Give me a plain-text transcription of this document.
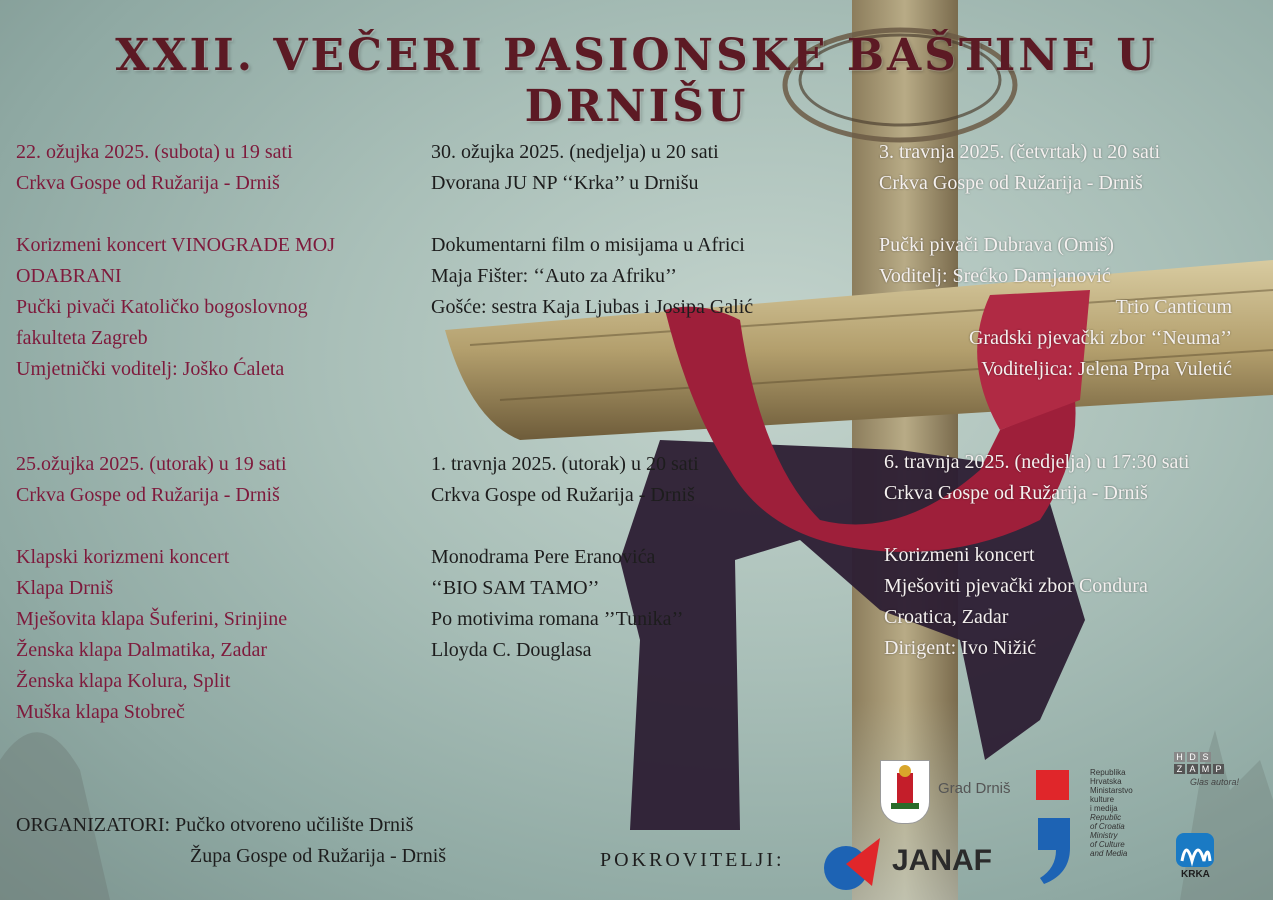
XXII. VEČERI PASIONSKE BAŠTINE U DRNIŠU

22. ožujka 2025. (subota) u 19 sati

Crkva Gospe od Ružarija - Drniš

Korizmeni koncert VINOGRADE MOJ

ODABRANI

Pučki pivači Katoličko bogoslovnog

fakulteta Zagreb

Umjetnički voditelj: Joško Ćaleta

30. ožujka 2025. (nedjelja) u 20 sati

Dvorana JU NP ‘‘Krka’’ u Drnišu

Dokumentarni film o misijama u Africi

Maja Fišter: ‘‘Auto za Afriku’’

Gošće: sestra Kaja Ljubas i Josipa Galić

3. travnja 2025. (četvrtak) u 20 sati

Crkva Gospe od Ružarija - Drniš

Pučki pivači Dubrava (Omiš)

Voditelj: Srećko Damjanović

Trio Canticum

Gradski pjevački zbor ‘‘Neuma’’

Voditeljica: Jelena Prpa Vuletić

25.ožujka 2025. (utorak) u 19 sati

Crkva Gospe od Ružarija - Drniš

Klapski korizmeni koncert

Klapa Drniš

Mješovita klapa Šuferini, Srinjine

Ženska klapa Dalmatika, Zadar

Ženska klapa Kolura, Split

Muška klapa Stobreč

1. travnja 2025. (utorak) u 20 sati

Crkva Gospe od Ružarija - Drniš

Monodrama Pere Eranovića

‘‘BIO SAM TAMO’’

Po motivima romana ’’Tunika’’

Lloyda C. Douglasa

6. travnja 2025. (nedjelja) u 17:30 sati

Crkva Gospe od Ružarija - Drniš

Korizmeni koncert

Mješoviti pjevački zbor Condura

Croatica, Zadar

Dirigent: Ivo Nižić

ORGANIZATORI: Pučko otvoreno učilište Drniš
Župa Gospe od Ružarija - Drniš	POKROVITELJI:
Grad Drniš
Republika
Hrvatska
Ministarstvo
kulture
i medija
Republic
of Croatia
Ministry
of Culture
and Media
H D S
Z A M P
Glas autora!
JANAF	KRKA
